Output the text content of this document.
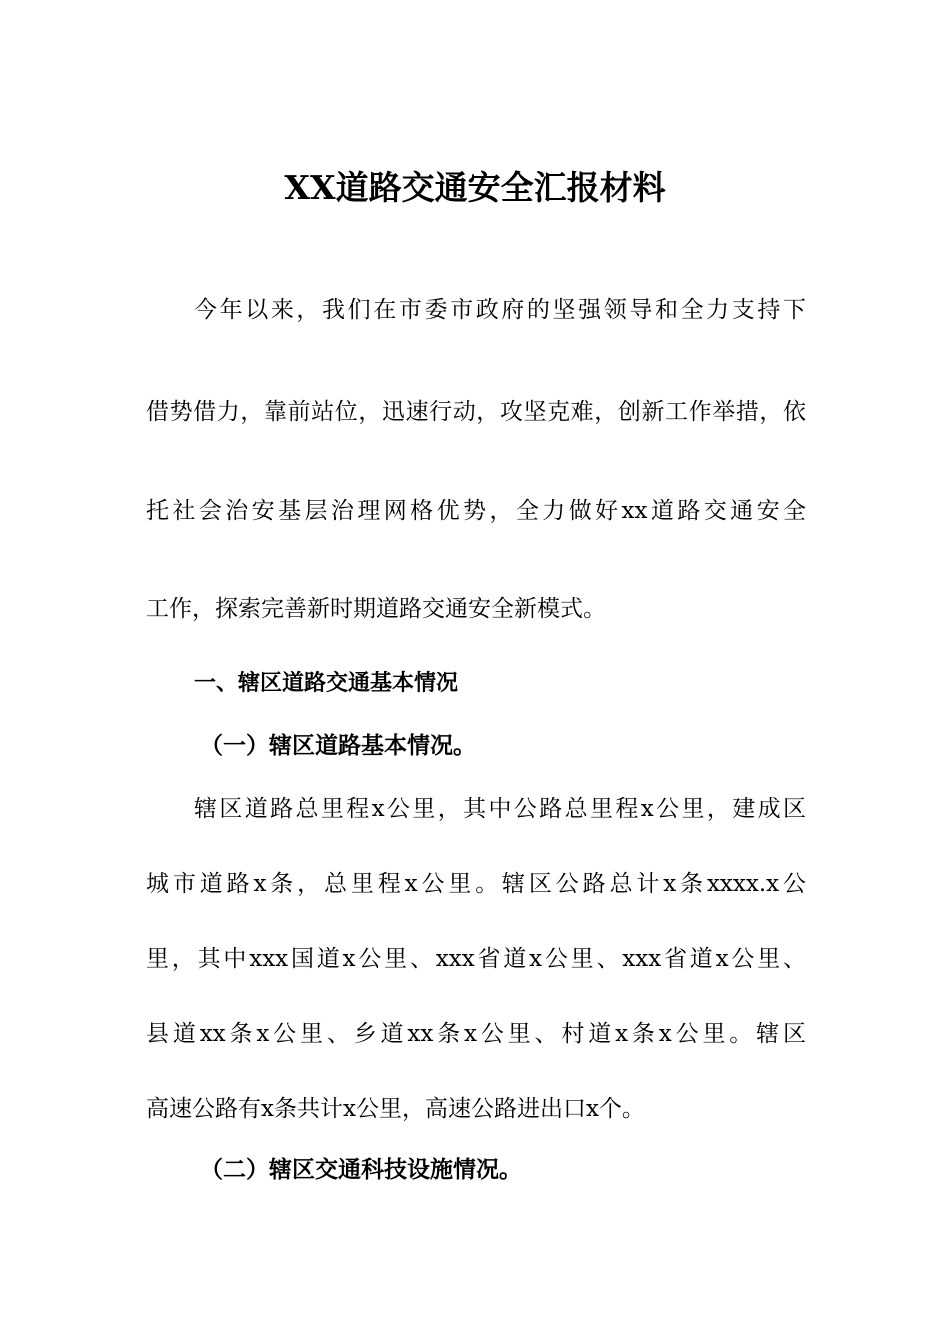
XX道路交通安全汇报材料
今年以来，我们在市委市政府的坚强领导和全力支持下
借势借力，靠前站位，迅速行动，攻坚克难，创新工作举措，依
托社会治安基层治理网格优势，全力做好xx道路交通安全
工作，探索完善新时期道路交通安全新模式。
一、辖区道路交通基本情况
（一）辖区道路基本情况。
辖区道路总里程x公里，其中公路总里程x公里，建成区
城市道路x条，总里程x公里。辖区公路总计x条xxxx.x公
里，其中xxx国道x公里、xxx省道x公里、xxx省道x公里、
县道xx条x公里、乡道xx条x公里、村道x条x公里。辖区
高速公路有x条共计x公里，高速公路进出口x个。
（二）辖区交通科技设施情况。
